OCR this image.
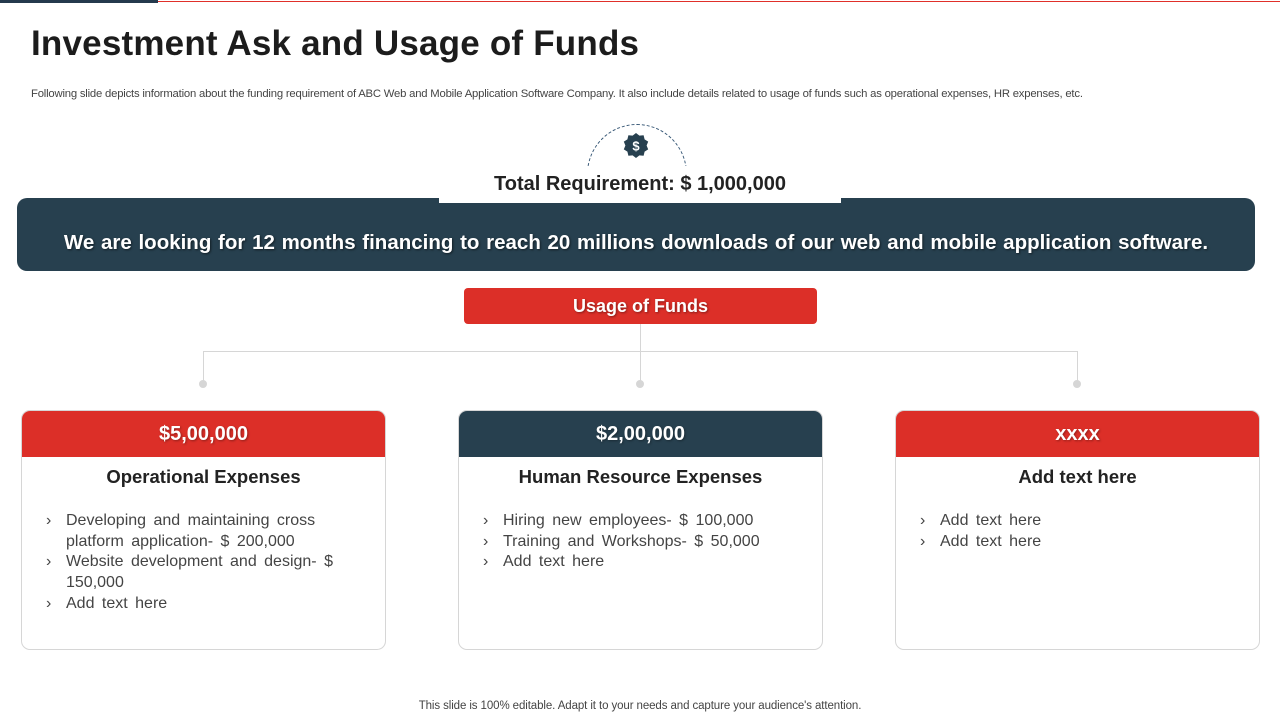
Investment Ask and Usage of Funds

Following slide depicts information about the funding requirement of ABC Web and Mobile Application Software Company. It also include details related to usage of funds such as operational expenses, HR expenses, etc.

$
Total Requirement: $ 1,000,000
We are looking for 12 months financing to reach 20 millions downloads of our web and mobile application software.
Usage of Funds
$5,00,000
Operational Expenses
› Developing and maintaining cross platform application- $ 200,000
› Website development and design- $ 150,000
› Add text here
$2,00,000
Human Resource Expenses
› Hiring new employees- $ 100,000
› Training and Workshops- $ 50,000
› Add text here
xxxx
Add text here
› Add text here
› Add text here

This slide is 100% editable. Adapt it to your needs and capture your audience's attention.
